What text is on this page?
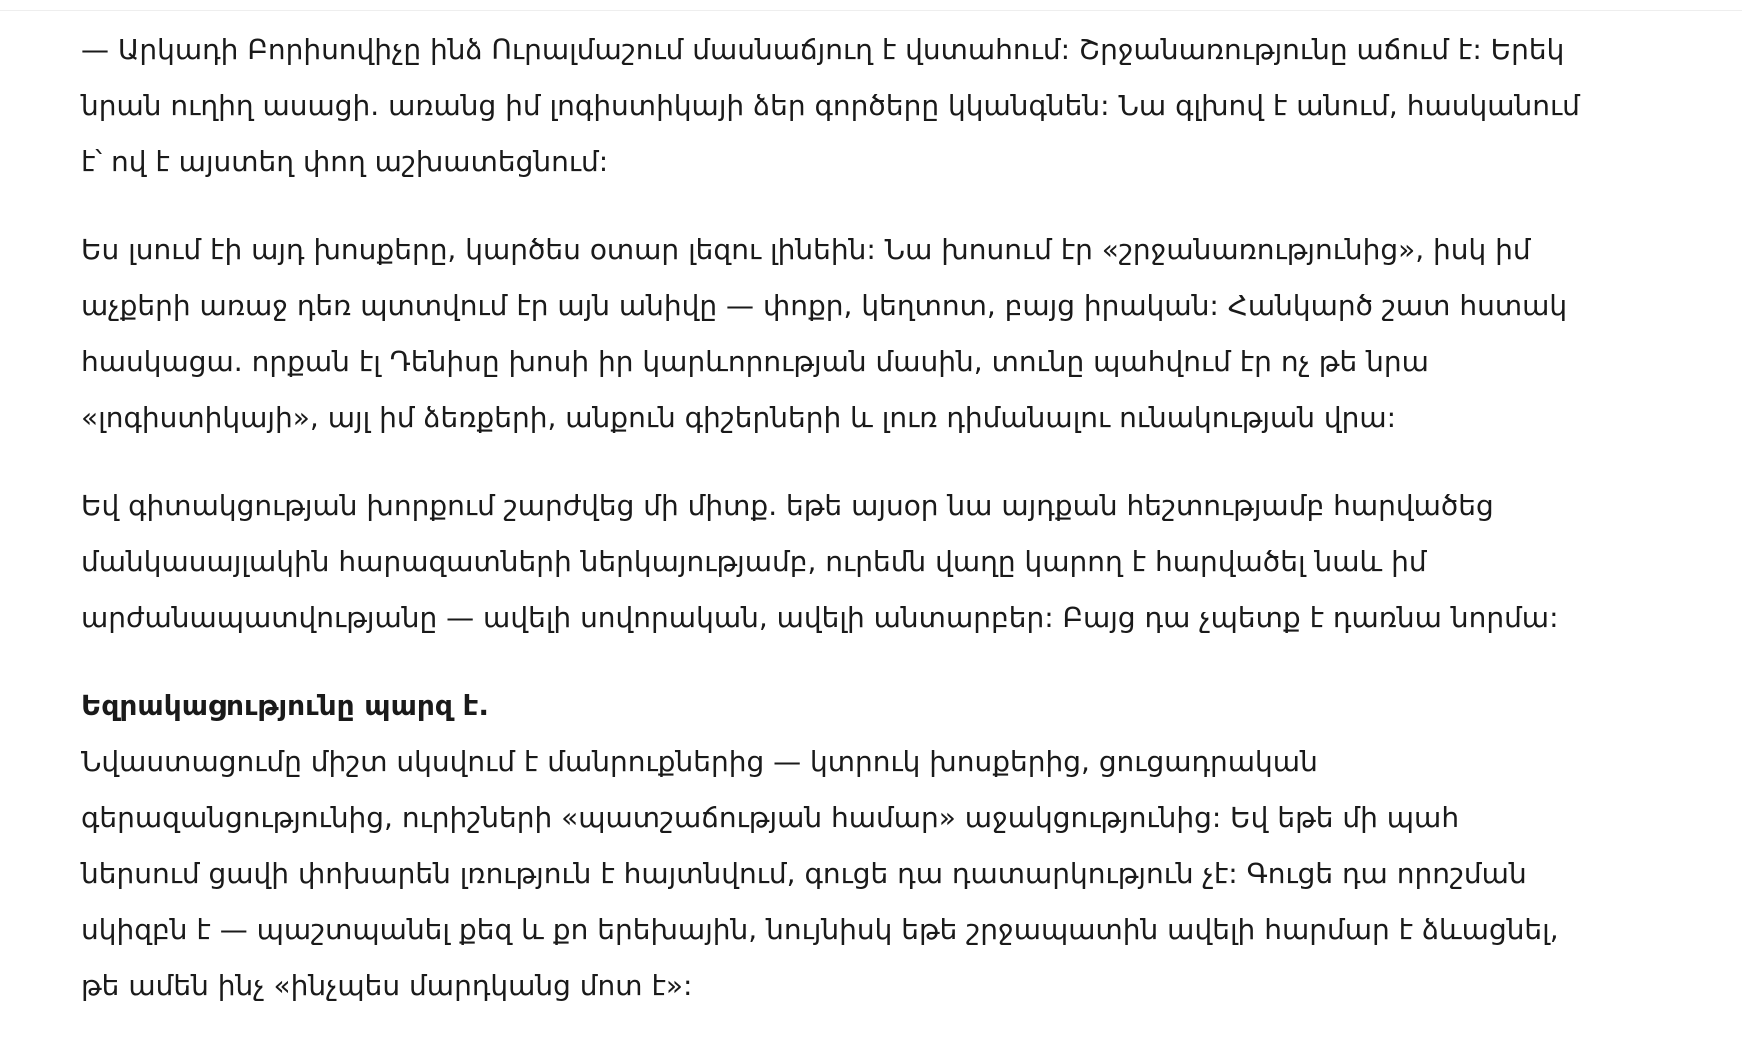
— Արկադի Բորիսովիչը ինձ Ուրալմաշում մասնաճյուղ է վստահում: Շրջանառությունը աճում է: Երեկ
նրան ուղիղ ասացի. առանց իմ լոգիստիկայի ձեր գործերը կկանգնեն: Նա գլխով է անում, հասկանում
է՝ ով է այստեղ փող աշխատեցնում:

Ես լսում էի այդ խոսքերը, կարծես օտար լեզու լինեին: Նա խոսում էր «շրջանառությունից», իսկ իմ
աչքերի առաջ դեռ պտտվում էր այն անիվը — փոքր, կեղտոտ, բայց իրական: Հանկարծ շատ հստակ
հասկացա. որքան էլ Դենիսը խոսի իր կարևորության մասին, տունը պահվում էր ոչ թե նրա
«լոգիստիկայի», այլ իմ ձեռքերի, անքուն գիշերների և լուռ դիմանալու ունակության վրա:

Եվ գիտակցության խորքում շարժվեց մի միտք. եթե այսօր նա այդքան հեշտությամբ հարվածեց
մանկասայլակին հարազատների ներկայությամբ, ուրեմն վաղը կարող է հարվածել նաև իմ
արժանապատվությանը — ավելի սովորական, ավելի անտարբեր: Բայց դա չպետք է դառնա նորմա:

Եզրակացությունը պարզ է.
Նվաստացումը միշտ սկսվում է մանրուքներից — կտրուկ խոսքերից, ցուցադրական
գերազանցությունից, ուրիշների «պատշաճության համար» աջակցությունից: Եվ եթե մի պահ
ներսում ցավի փոխարեն լռություն է հայտնվում, գուցե դա դատարկություն չէ: Գուցե դա որոշման
սկիզբն է — պաշտպանել քեզ և քո երեխային, նույնիսկ եթե շրջապատին ավելի հարմար է ձևացնել,
թե ամեն ինչ «ինչպես մարդկանց մոտ է»:
